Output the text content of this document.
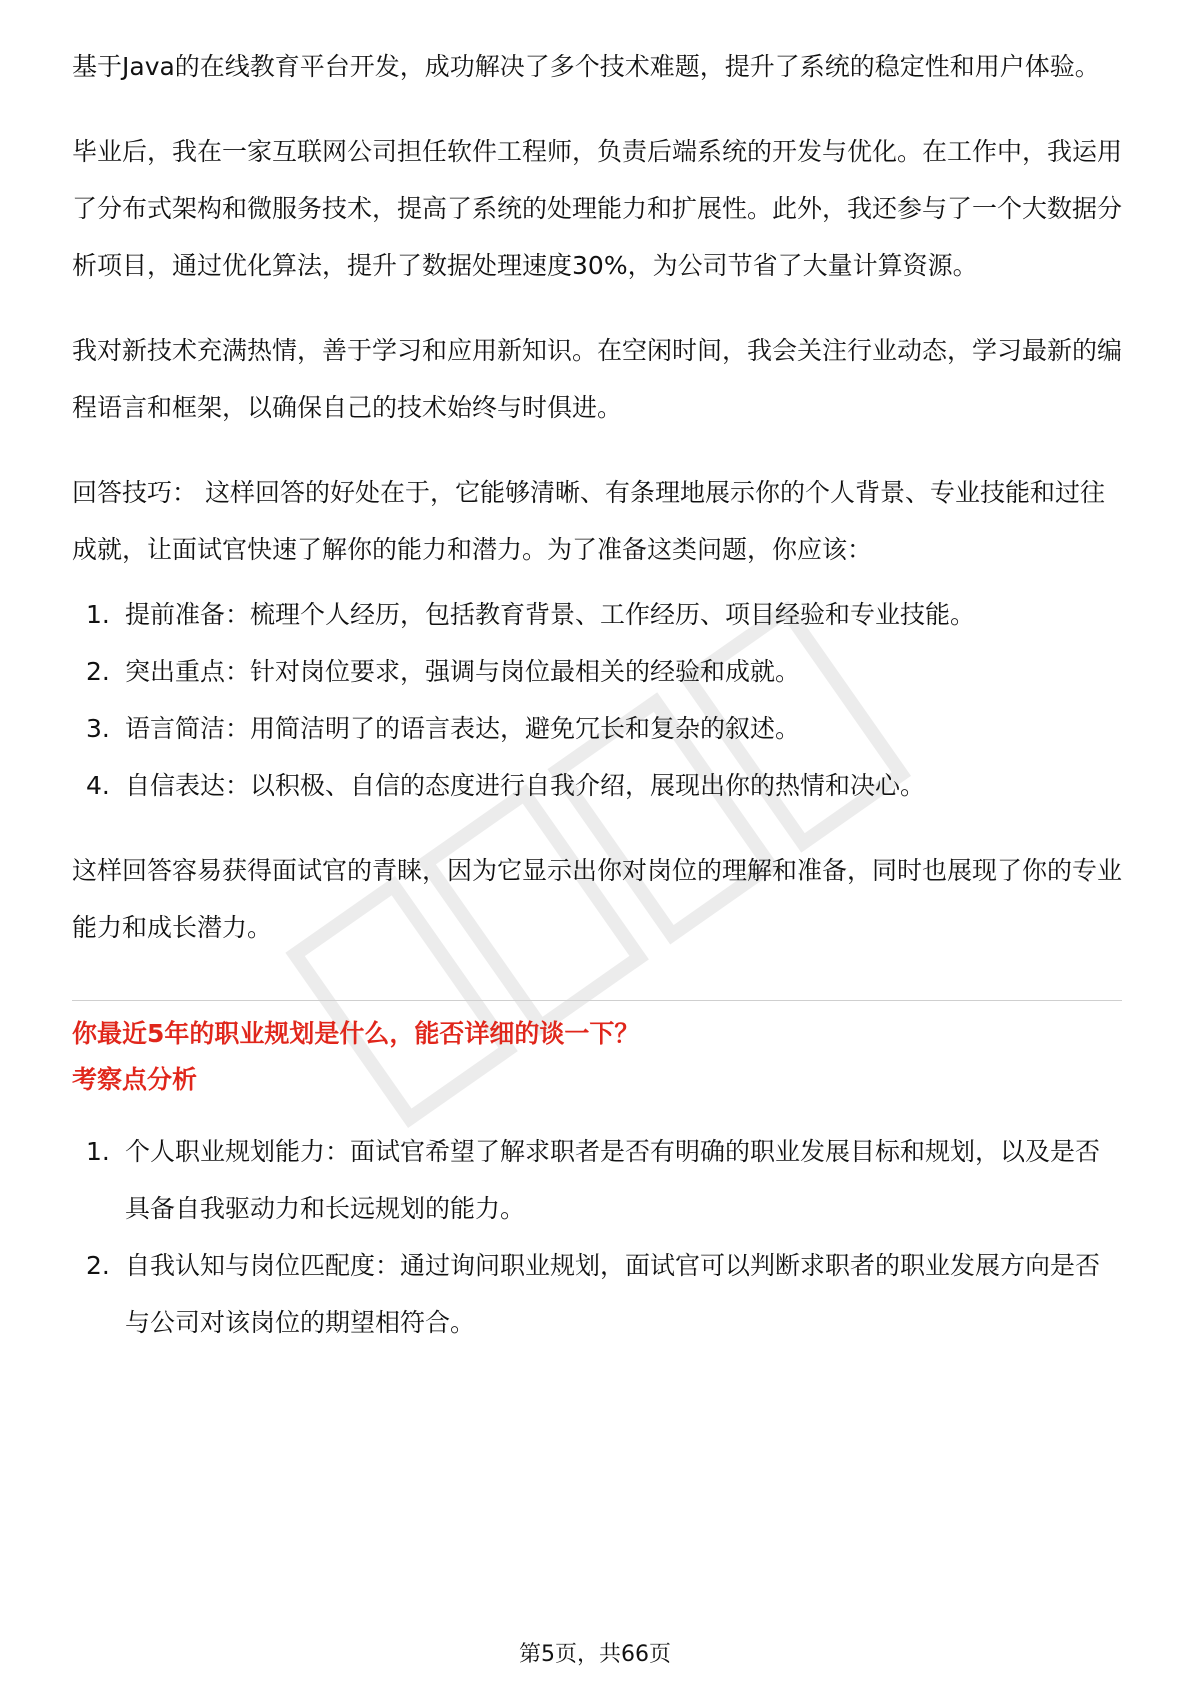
基于Java的在线教育平台开发，成功解决了多个技术难题，提升了系统的稳定性和用户体验。

毕业后，我在一家互联网公司担任软件工程师，负责后端系统的开发与优化。在工作中，我运用了分布式架构和微服务技术，提高了系统的处理能力和扩展性。此外，我还参与了一个大数据分析项目，通过优化算法，提升了数据处理速度30%，为公司节省了大量计算资源。

我对新技术充满热情，善于学习和应用新知识。在空闲时间，我会关注行业动态，学习最新的编程语言和框架，以确保自己的技术始终与时俱进。

回答技巧： 这样回答的好处在于，它能够清晰、有条理地展示你的个人背景、专业技能和过往成就，让面试官快速了解你的能力和潜力。为了准备这类问题，你应该：

1. 提前准备：梳理个人经历，包括教育背景、工作经历、项目经验和专业技能。
2. 突出重点：针对岗位要求，强调与岗位最相关的经验和成就。
3. 语言简洁：用简洁明了的语言表达，避免冗长和复杂的叙述。
4. 自信表达：以积极、自信的态度进行自我介绍，展现出你的热情和决心。

这样回答容易获得面试官的青睐，因为它显示出你对岗位的理解和准备，同时也展现了你的专业能力和成长潜力。

你最近5年的职业规划是什么，能否详细的谈一下？
考察点分析
1. 个人职业规划能力：面试官希望了解求职者是否有明确的职业发展目标和规划，以及是否具备自我驱动力和长远规划的能力。
2. 自我认知与岗位匹配度：通过询问职业规划，面试官可以判断求职者的职业发展方向是否与公司对该岗位的期望相符合。
第5页，共66页
